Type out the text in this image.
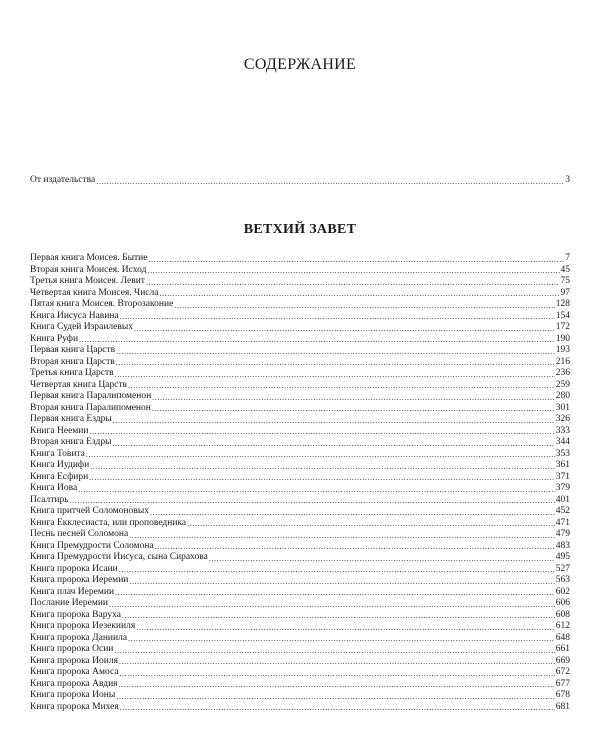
СОДЕРЖАНИЕ
От издательства .....	3
ВЕТХИЙ ЗАВЕТ
Первая книга Моисея. Бытие .....	7
Вторая книга Моисея. Исход .....	45
Третья книга Моисея. Левит .....	75
Четвертая книга Моисея. Числа .....	97
Пятая книга Моисея. Второзаконие .....	128
Книга Иисуса Навина .....	154
Книга Судей Израилевых .....	172
Книга Руфи .....	190
Первая книга Царств .....	193
Вторая книга Царств .....	216
Третья книга Царств .....	236
Четвертая книга Царств .....	259
Первая книга Паралипоменон .....	280
Вторая книга Паралипоменон .....	301
Первая книга Ездры .....	326
Книга Неемии .....	333
Вторая книга Ездры .....	344
Книга Товита .....	353
Книга Иудифи .....	361
Книга Есфири .....	371
Книга Иова .....	379
Псалтирь .....	401
Книга притчей Соломоновых .....	452
Книга Екклесиаста, или проповедника .....	471
Песнь песней Соломона .....	479
Книга Премудрости Соломона .....	483
Книга Премудрости Иисуса, сына Сирахова .....	495
Книга пророка Исаии .....	527
Книга пророка Иеремии .....	563
Книга плач Иеремии .....	602
Послание Иеремии .....	606
Книга пророка Варуха .....	608
Книга пророка Иезекииля .....	612
Книга пророка Даниила .....	648
Книга пророка Осии .....	661
Книга пророка Иоиля .....	669
Книга пророка Амоса .....	672
Книга пророка Авдия .....	677
Книга пророка Ионы .....	678
Книга пророка Михея .....	681
